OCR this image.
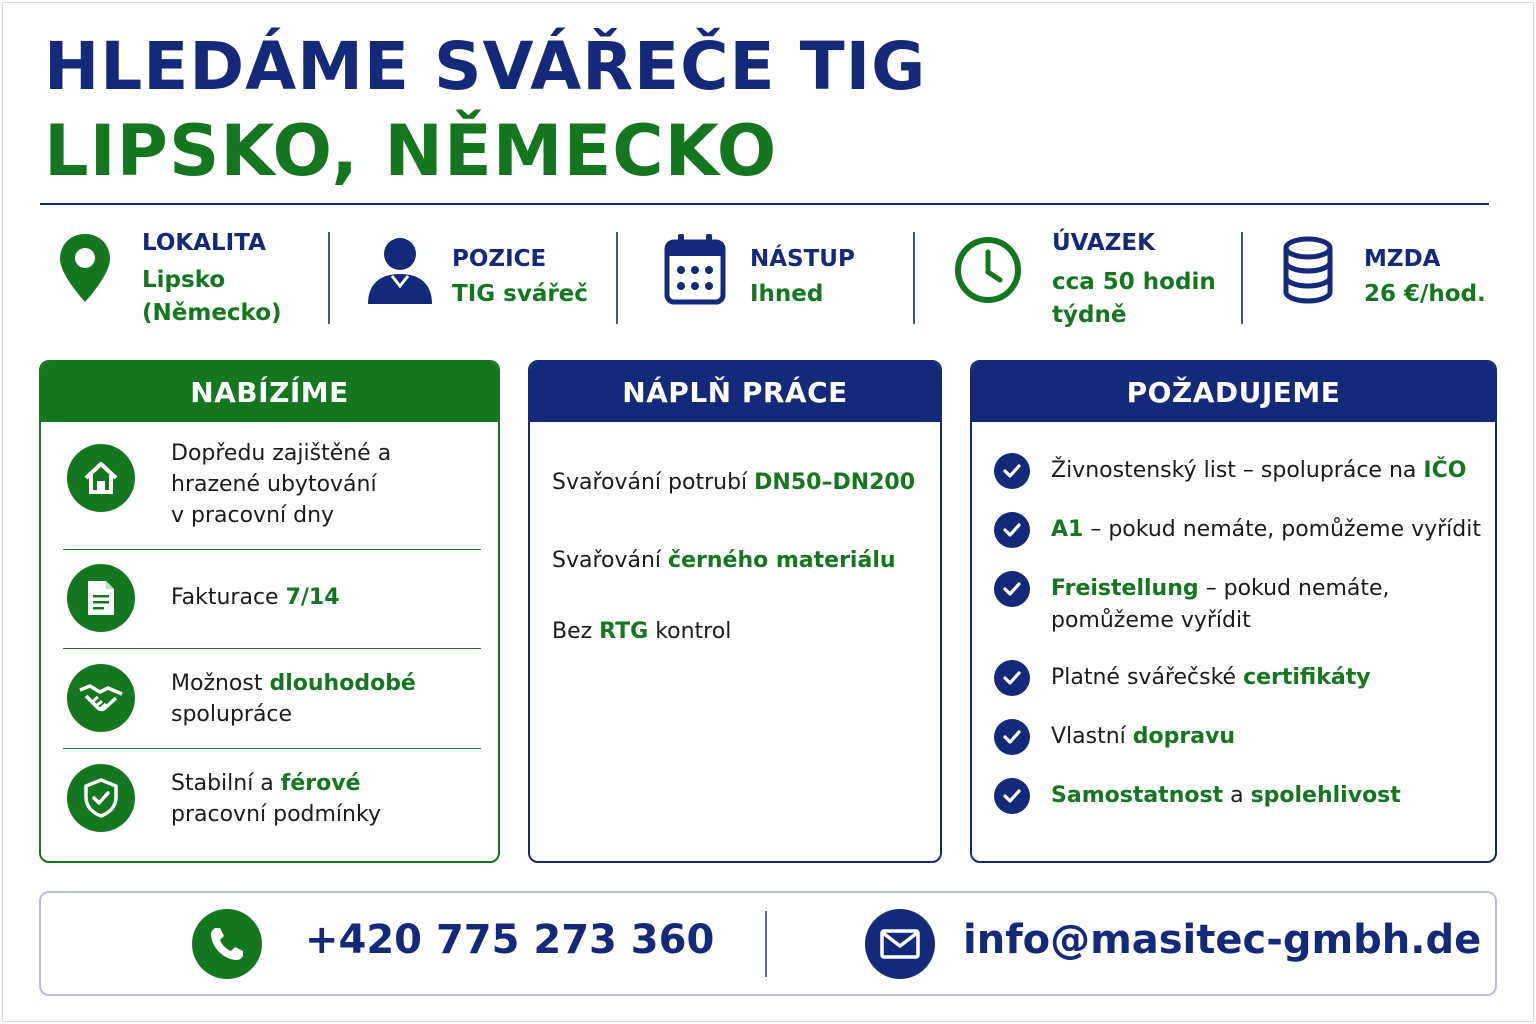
HLEDÁME SVÁŘEČE TIG
LIPSKO, NĚMECKO
LOKALITA
Lipsko
(Německo)
POZICE
TIG svářeč
NÁSTUP
Ihned
ÚVAZEK
cca 50 hodin
týdně
MZDA
26 €/hod.
NABÍZÍME
Dopředu zajištěné a
hrazené ubytování
v pracovní dny
Fakturace 7/14
Možnost dlouhodobé
spolupráce
Stabilní a férové
pracovní podmínky
NÁPLŇ PRÁCE
Svařování potrubí DN50–DN200
Svařování černého materiálu
Bez RTG kontrol
POŽADUJEME
Živnostenský list – spolupráce na IČO
A1 – pokud nemáte, pomůžeme vyřídit
Freistellung – pokud nemáte,
pomůžeme vyřídit
Platné svářečské certifikáty
Vlastní dopravu
Samostatnost a spolehlivost
+420 775 273 360	info@masitec-gmbh.de
